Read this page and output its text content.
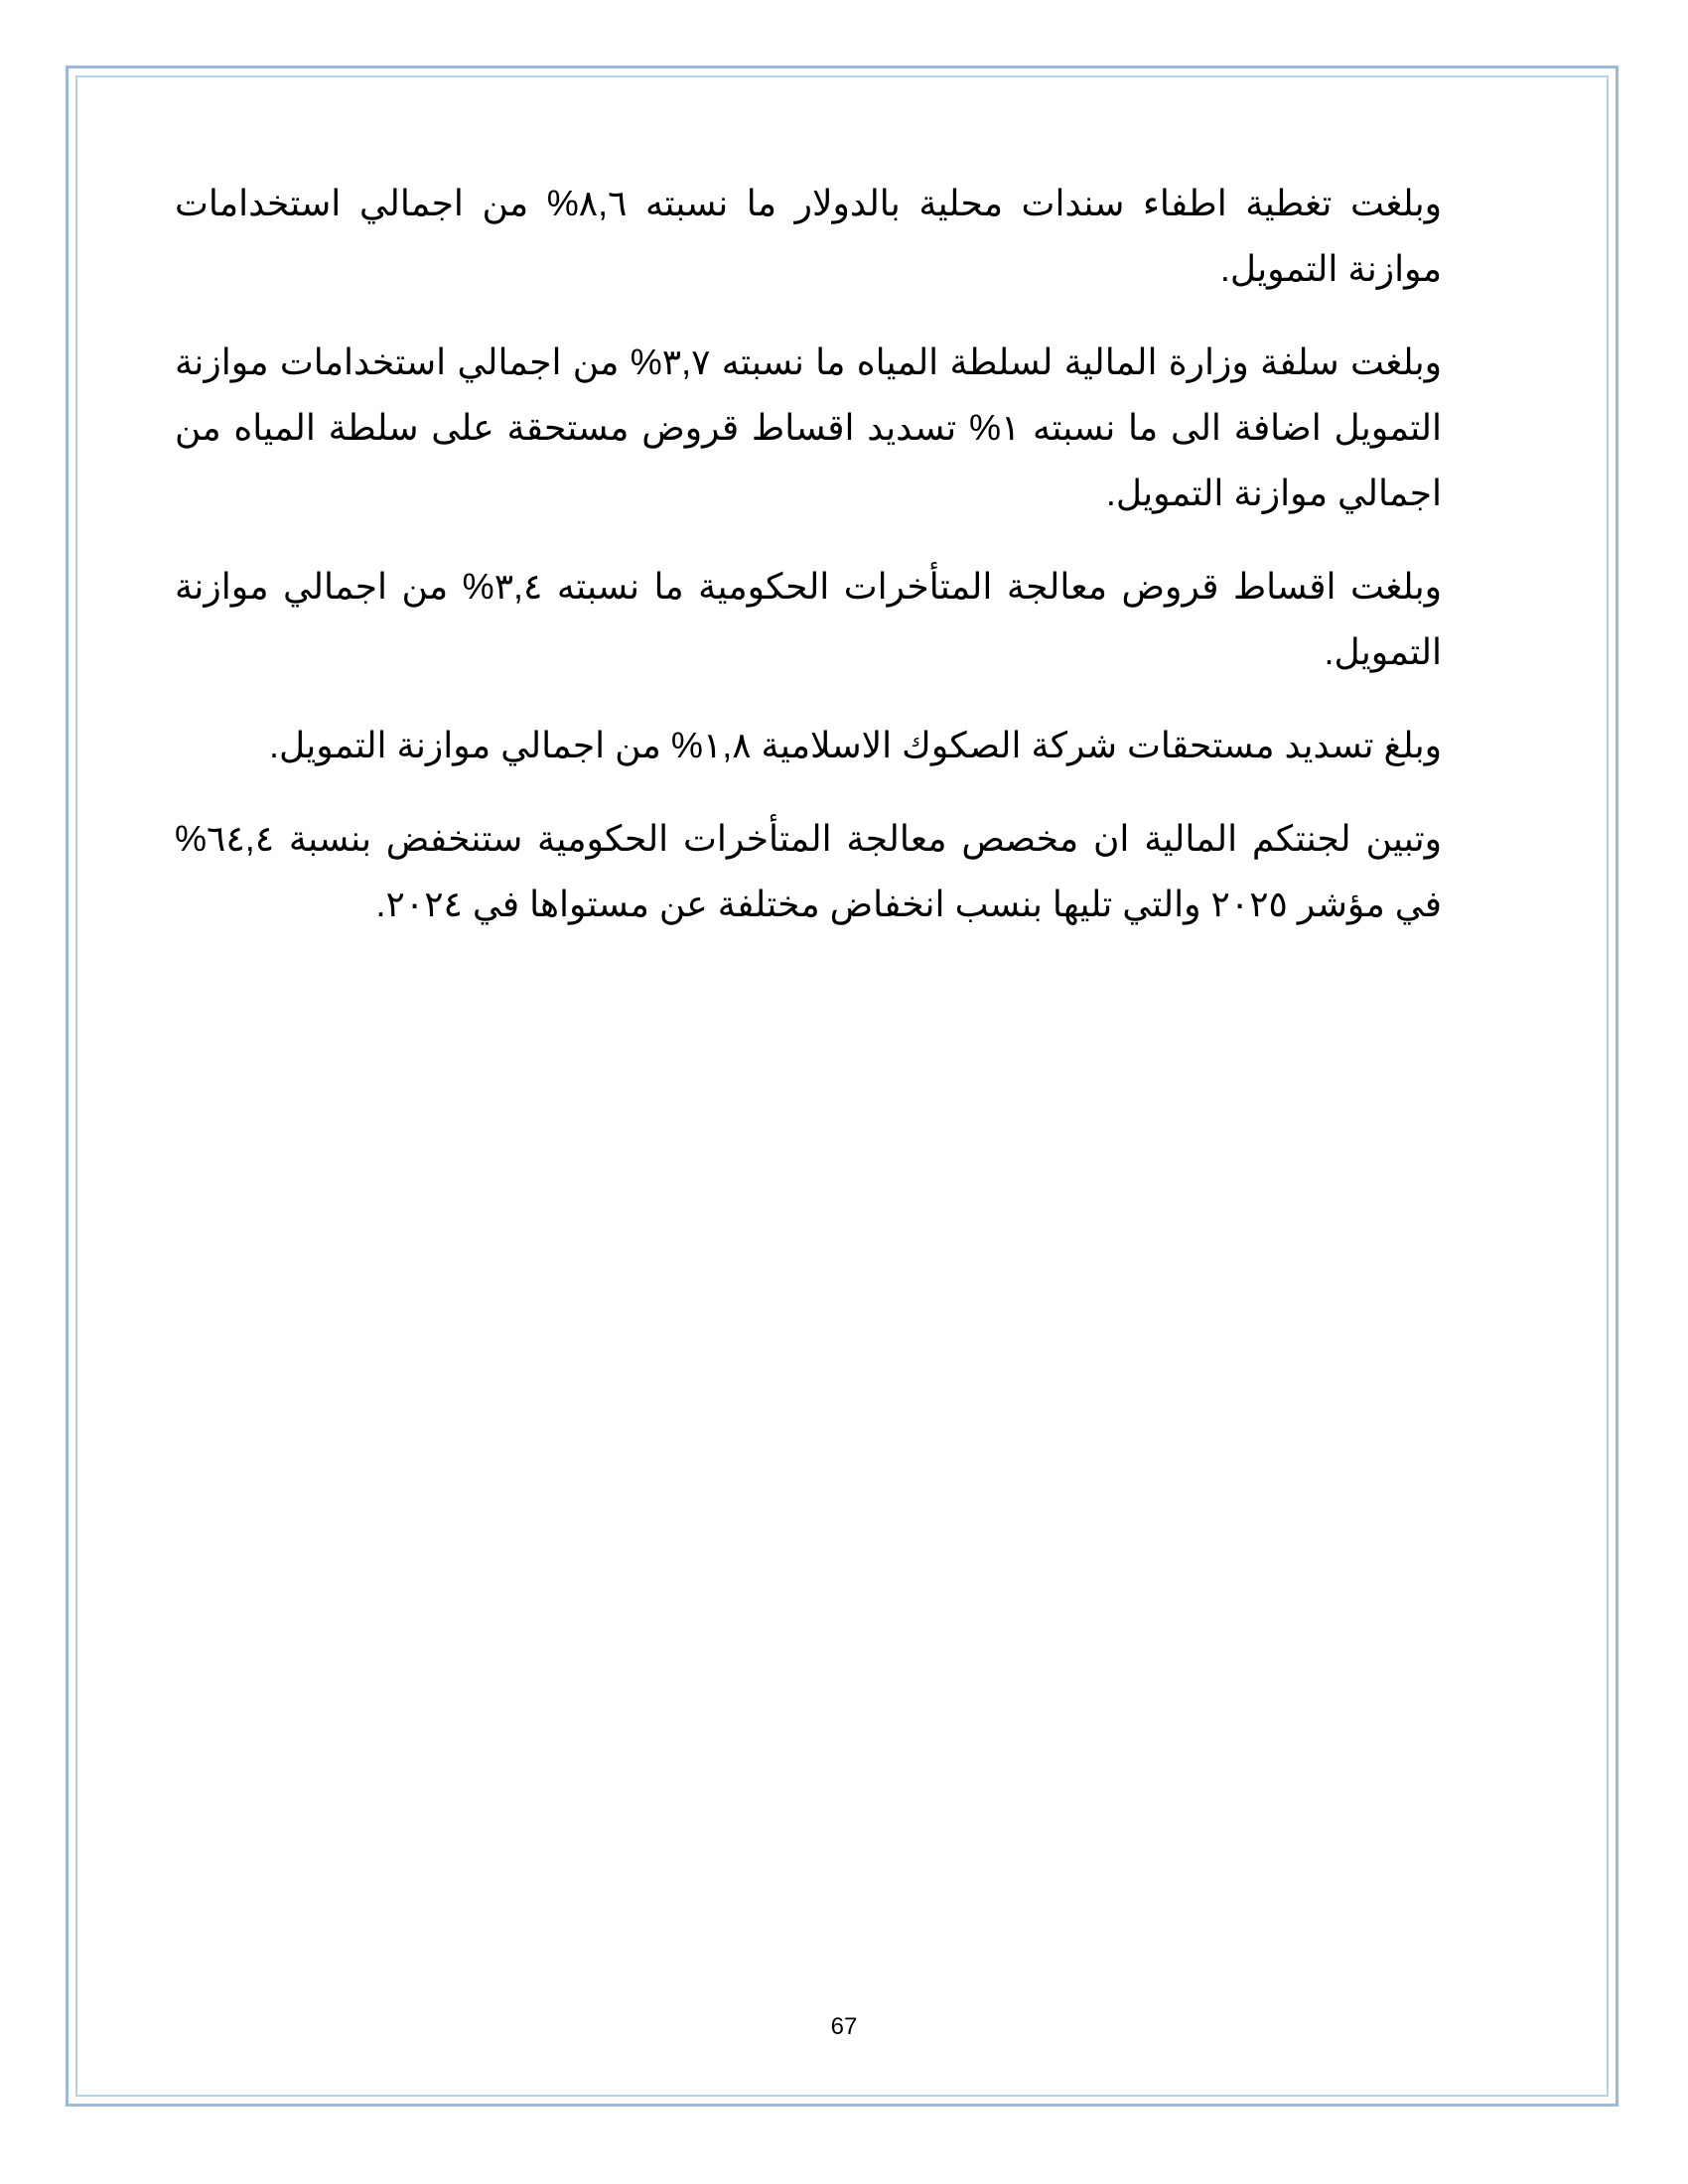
وبلغت تغطية اطفاء سندات محلية بالدولار ما نسبته ٨,٦% من اجمالي استخدامات موازنة التمويل.

وبلغت سلفة وزارة المالية لسلطة المياه ما نسبته ٣,٧% من اجمالي استخدامات موازنة التمويل اضافة الى ما نسبته ١% تسديد اقساط قروض مستحقة على سلطة المياه من اجمالي موازنة التمويل.

وبلغت اقساط قروض معالجة المتأخرات الحكومية ما نسبته ٣,٤% من اجمالي موازنة التمويل.

وبلغ تسديد مستحقات شركة الصكوك الاسلامية ١,٨% من اجمالي موازنة التمويل.

وتبين لجنتكم المالية ان مخصص معالجة المتأخرات الحكومية ستنخفض بنسبة ٦٤,٤% في مؤشر ٢٠٢٥ والتي تليها بنسب انخفاض مختلفة عن مستواها في ٢٠٢٤.

67
